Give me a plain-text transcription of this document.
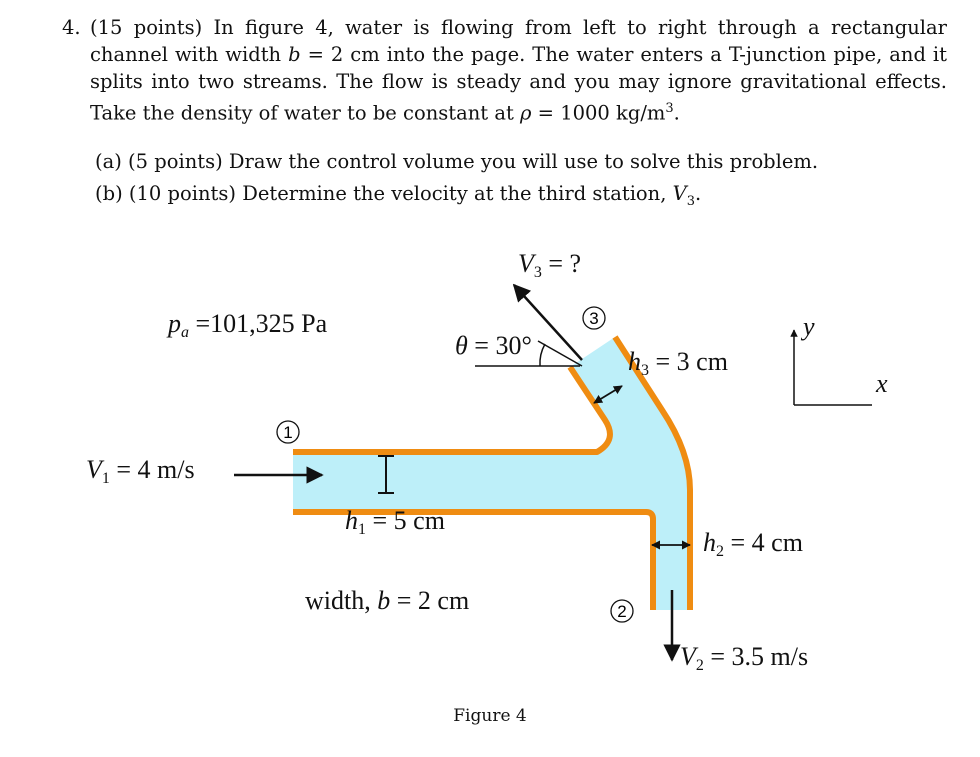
4. (15 points) In figure 4, water is flowing from left to right through a rectangular channel with width b = 2 cm into the page. The water enters a T-junction pipe, and it splits into two streams. The flow is steady and you may ignore gravitational effects. Take the density of water to be constant at ρ = 1000 $kg/m^3$.
(a) (5 points) Draw the control volume you will use to solve this problem.
(b) (10 points) Determine the velocity at the third station, $V_3$.
1
2
3	y
x
pa =101,325 Pa
V1 = 4 m/s
h1 = 5 cm
width, b = 2 cm
h2 = 4 cm
V2 = 3.5 m/s
h3 = 3 cm
V3 = ?
θ = 30°
Figure 4
